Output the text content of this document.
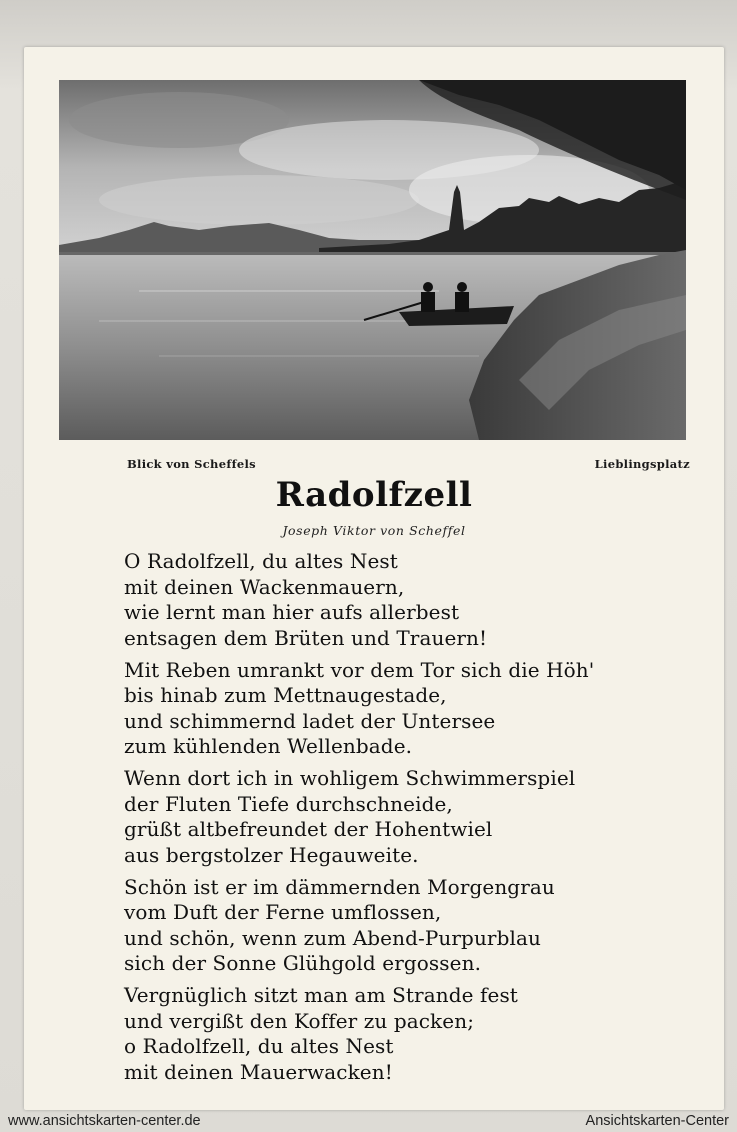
Blick von Scheffels	Lieblingsplatz
Radolfzell
Joseph Viktor von Scheffel
O Radolfzell, du altes Nest
mit deinen Wackenmauern,
wie lernt man hier aufs allerbest
entsagen dem Brüten und Trauern!
Mit Reben umrankt vor dem Tor sich die Höh'
bis hinab zum Mettnaugestade,
und schimmernd ladet der Untersee
zum kühlenden Wellenbade.
Wenn dort ich in wohligem Schwimmerspiel
der Fluten Tiefe durchschneide,
grüßt altbefreundet der Hohentwiel
aus bergstolzer Hegauweite.
Schön ist er im dämmernden Morgengrau
vom Duft der Ferne umflossen,
und schön, wenn zum Abend-Purpurblau
sich der Sonne Glühgold ergossen.
Vergnüglich sitzt man am Strande fest
und vergißt den Koffer zu packen;
o Radolfzell, du altes Nest
mit deinen Mauerwacken!
www.ansichtskarten-center.de	Ansichtskarten-Center
